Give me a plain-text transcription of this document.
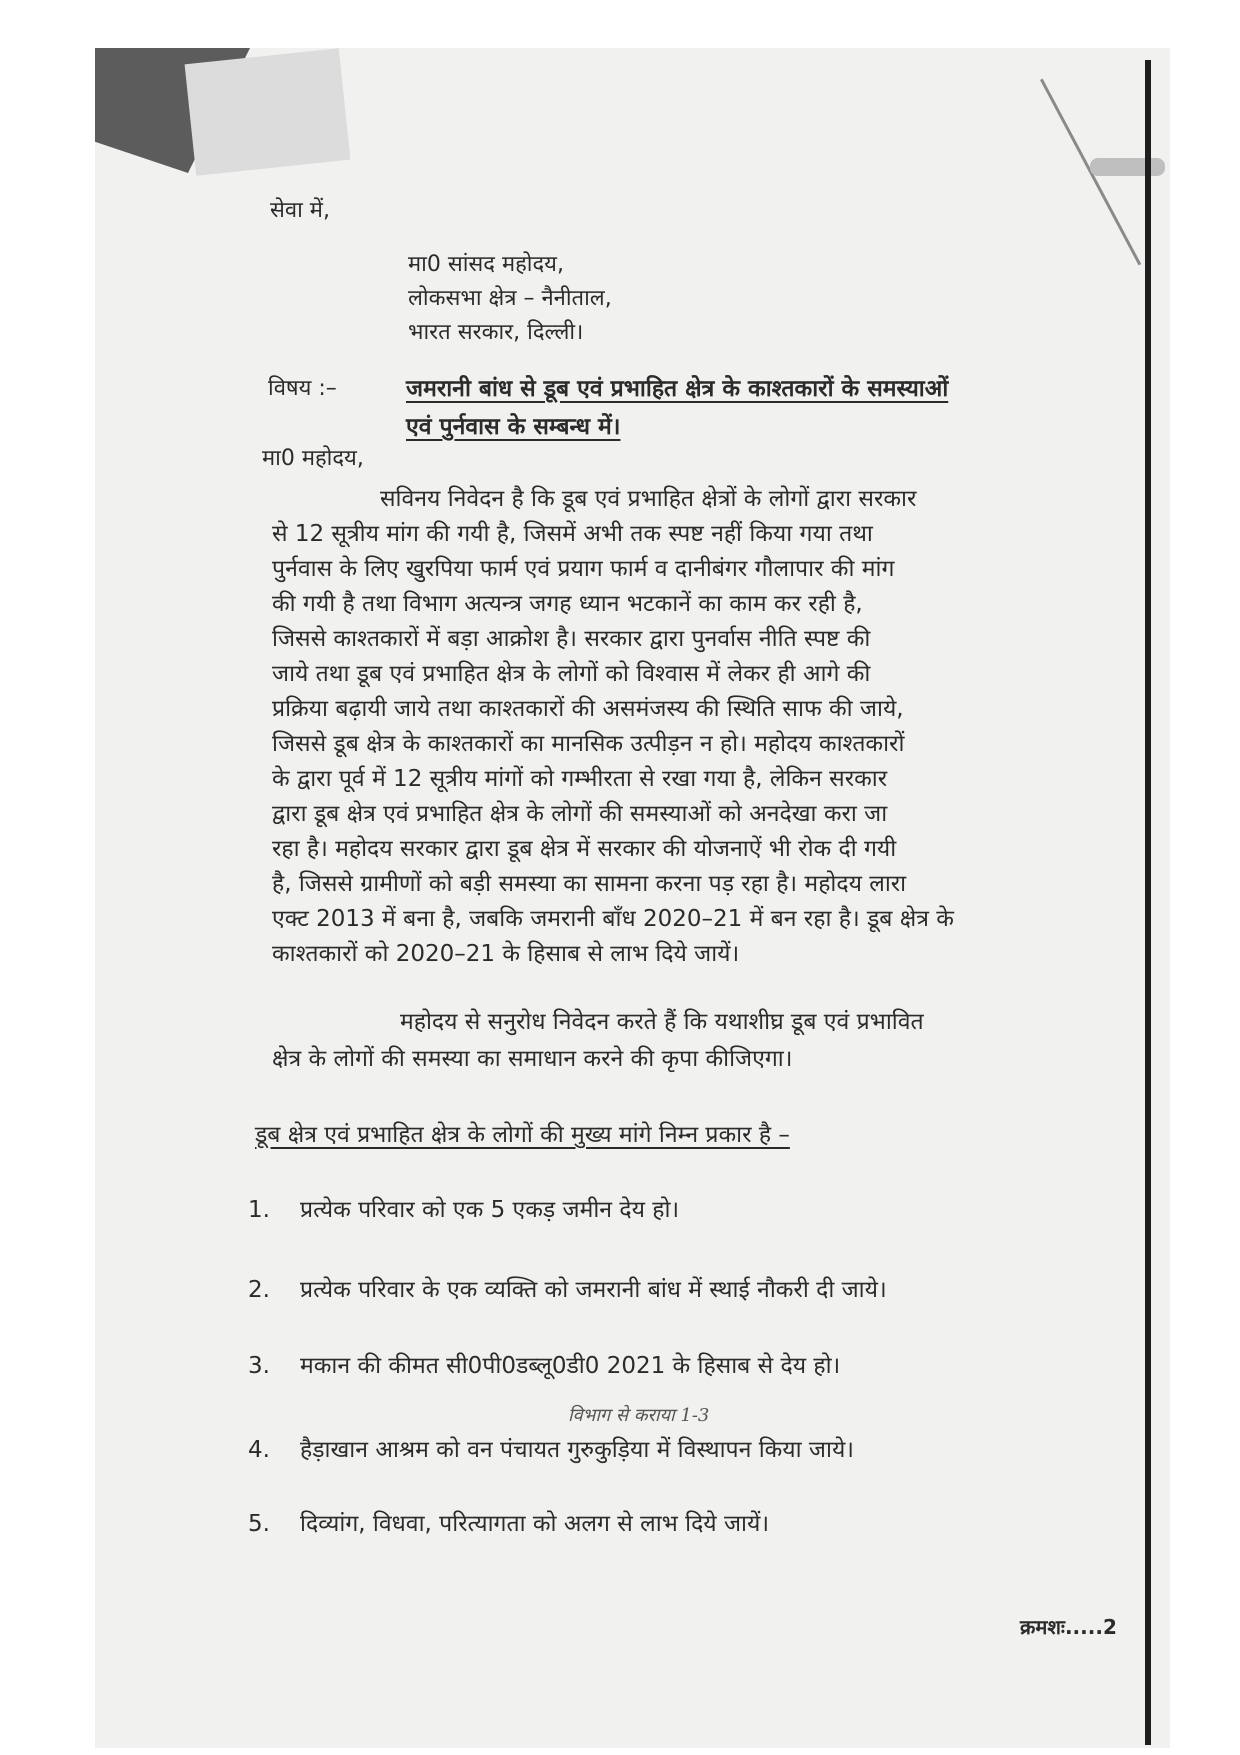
सेवा में,
मा0 सांसद महोदय,
लोकसभा क्षेत्र – नैनीताल,
भारत सरकार, दिल्ली।
विषय :–	जमरानी बांध से डूब एवं प्रभाहित क्षेत्र के काश्तकारों के समस्याओं
एवं पुर्नवास के सम्बन्ध में।
मा0 महोदय,
सविनय निवेदन है कि डूब एवं प्रभाहित क्षेत्रों के लोगों द्वारा सरकार
से 12 सूत्रीय मांग की गयी है, जिसमें अभी तक स्पष्ट नहीं किया गया तथा
पुर्नवास के लिए खुरपिया फार्म एवं प्रयाग फार्म व दानीबंगर गौलापार की मांग
की गयी है तथा विभाग अत्यन्त्र जगह ध्यान भटकानें का काम कर रही है,
जिससे काश्तकारों में बड़ा आक्रोश है। सरकार द्वारा पुनर्वास नीति स्पष्ट की
जाये तथा डूब एवं प्रभाहित क्षेत्र के लोगों को विश्वास में लेकर ही आगे की
प्रक्रिया बढ़ायी जाये तथा काश्तकारों की असमंजस्य की स्थिति साफ की जाये,
जिससे डूब क्षेत्र के काश्तकारों का मानसिक उत्पीड़न न हो। महोदय काश्तकारों
के द्वारा पूर्व में 12 सूत्रीय मांगों को गम्भीरता से रखा गया है, लेकिन सरकार
द्वारा डूब क्षेत्र एवं प्रभाहित क्षेत्र के लोगों की समस्याओं को अनदेखा करा जा
रहा है। महोदय सरकार द्वारा डूब क्षेत्र में सरकार की योजनाऐं भी रोक दी गयी
है, जिससे ग्रामीणों को बड़ी समस्या का सामना करना पड़ रहा है। महोदय लारा
एक्ट 2013 में बना है, जबकि जमरानी बाँध 2020–21 में बन रहा है। डूब क्षेत्र के
काश्तकारों को 2020–21 के हिसाब से लाभ दिये जायें।
महोदय से सनुरोध निवेदन करते हैं कि यथाशीघ्र डूब एवं प्रभावित
क्षेत्र के लोगों की समस्या का समाधान करने की कृपा कीजिएगा।
डूब क्षेत्र एवं प्रभाहित क्षेत्र के लोगों की मुख्य मांगे निम्न प्रकार है –
1. प्रत्येक परिवार को एक 5 एकड़ जमीन देय हो।
2. प्रत्येक परिवार के एक व्यक्ति को जमरानी बांध में स्थाई नौकरी दी जाये।
3. मकान की कीमत सी0पी0डब्लू0डी0 2021 के हिसाब से देय हो।
4. हैड़ाखान आश्रम को वन पंचायत गुरुकुड़िया में विस्थापन किया जाये।
5. दिव्यांग, विधवा, परित्यागता को अलग से लाभ दिये जायें।
विभाग से कराया 1-3
क्रमशः.....2
